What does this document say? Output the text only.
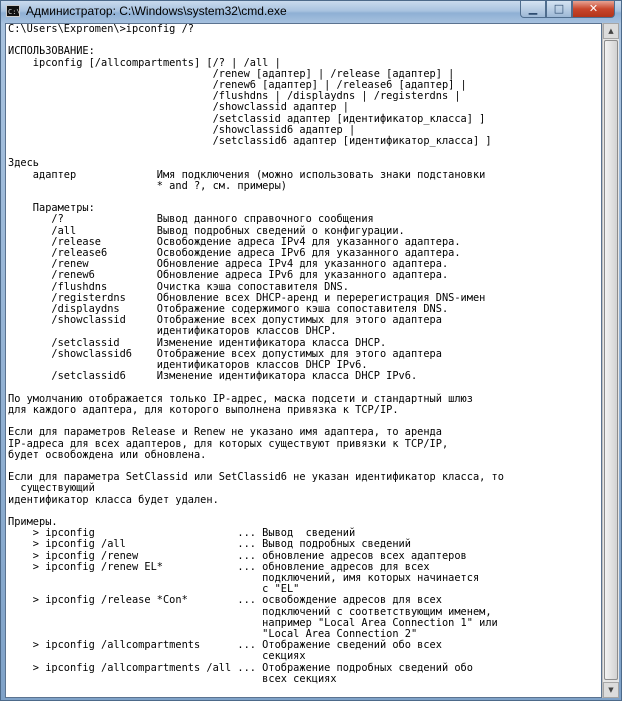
C:\ Администратор: C:\Windows\system32\cmd.exe	▁	□	✕
C:\Users\Expromen\>ipconfig /?

ИСПОЛЬЗОВАНИЕ:
ipconfig [/allcompartments] [/? | /all |
/renew [адаптер] | /release [адаптер] |
/renew6 [адаптер] | /release6 [адаптер] |
/flushdns | /displaydns | /registerdns |
/showclassid адаптер |
/setclassid адаптер [идентификатор_класса] ]
/showclassid6 адаптер |
/setclassid6 адаптер [идентификатор_класса] ]

Здесь
адаптер             Имя подключения (можно использовать знаки подстановки
* and ?, см. примеры)

Параметры:
/?               Вывод данного справочного сообщения
/all             Вывод подробных сведений о конфигурации.
/release         Освобождение адреса IPv4 для указанного адаптера.
/release6        Освобождение адреса IPv6 для указанного адаптера.
/renew           Обновление адреса IPv4 для указанного адаптера.
/renew6          Обновление адреса IPv6 для указанного адаптера.
/flushdns        Очистка кэша сопоставителя DNS.
/registerdns     Обновление всех DHCP-аренд и перерегистрация DNS-имен
/displaydns      Отображение содержимого кэша сопоставителя DNS.
/showclassid     Отображение всех допустимых для этого адаптера
идентификаторов классов DHCP.
/setclassid      Изменение идентификатора класса DHCP.
/showclassid6    Отображение всех допустимых для этого адаптера
идентификаторов классов DHCP IPv6.
/setclassid6     Изменение идентификатора класса DHCP IPv6.

По умолчанию отображается только IP-адрес, маска подсети и стандартный шлюз
для каждого адаптера, для которого выполнена привязка к TCP/IP.

Если для параметров Release и Renew не указано имя адаптера, то аренда
IP-адреса для всех адаптеров, для которых существуют привязки к TCP/IP,
будет освобождена или обновлена.

Если для параметра SetClassid или SetClassid6 не указан идентификатор класса, то
существующий
идентификатор класса будет удален.

Примеры.
> ipconfig                       ... Вывод  сведений
> ipconfig /all                  ... Вывод подробных сведений
> ipconfig /renew                ... обновление адресов всех адаптеров
> ipconfig /renew EL*            ... обновление адресов для всех
подключений, имя которых начинается
с "EL"
> ipconfig /release *Con*        ... освобождение адресов для всех
подключений с соответствующим именем,
например "Local Area Connection 1" или
"Local Area Connection 2"
> ipconfig /allcompartments      ... Отображение сведений обо всех
секциях
> ipconfig /allcompartments /all ... Отображение подробных сведений обо
всех секциях

▲
▼
